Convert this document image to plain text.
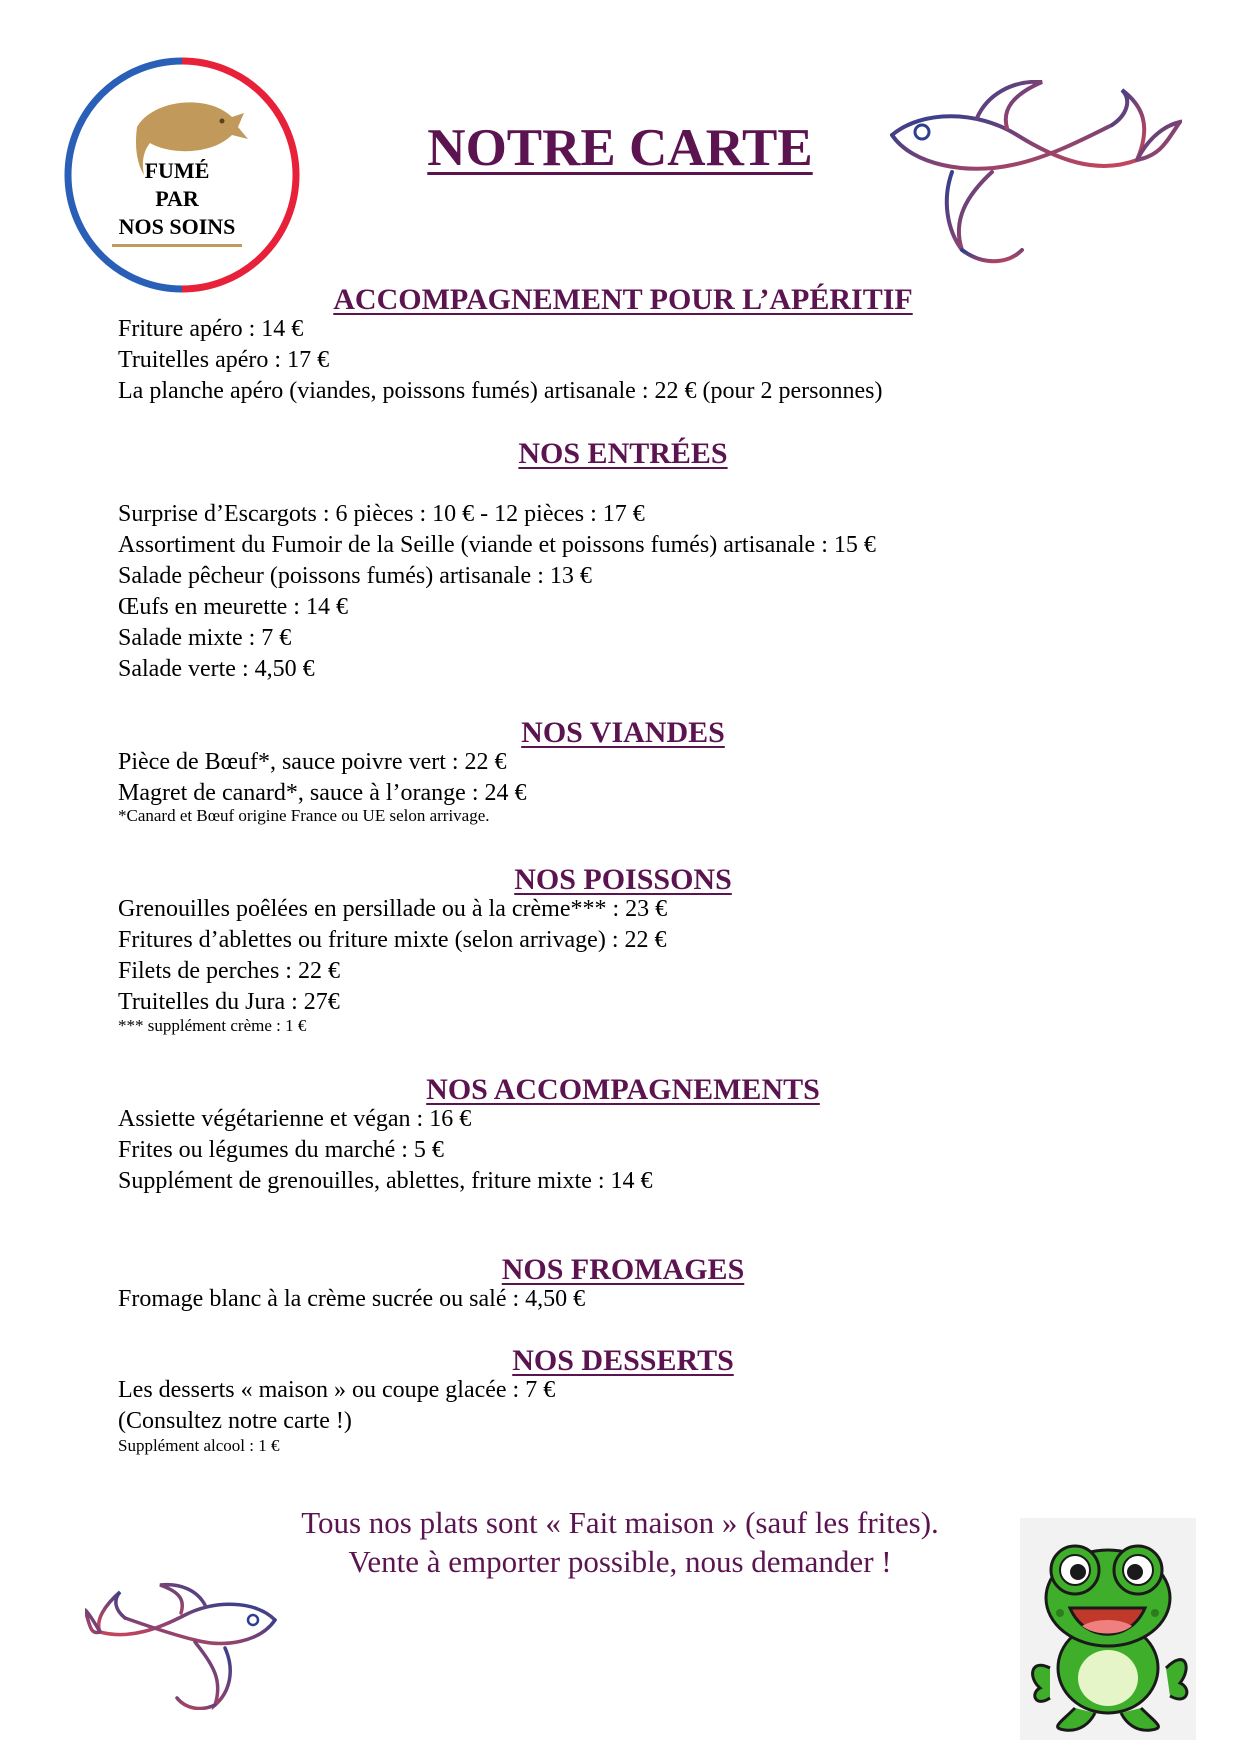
FUMÉ
PAR
NOS SOINS
NOTRE CARTE
ACCOMPAGNEMENT POUR L’APÉRITIF
Friture apéro : 14 €
Truitelles apéro : 17 €
La planche apéro (viandes, poissons fumés) artisanale : 22 € (pour 2 personnes)
NOS ENTRÉES
Surprise d’Escargots : 6 pièces : 10 € - 12 pièces : 17 €
Assortiment du Fumoir de la Seille (viande et poissons fumés) artisanale : 15 €
Salade pêcheur (poissons fumés) artisanale : 13 €
Œufs en meurette : 14 €
Salade mixte : 7 €
Salade verte : 4,50 €
NOS VIANDES
Pièce de Bœuf*, sauce poivre vert : 22 €
Magret de canard*, sauce à l’orange : 24 €
*Canard et Bœuf origine France ou UE selon arrivage.
NOS POISSONS
Grenouilles poêlées en persillade ou à la crème*** : 23 €
Fritures d’ablettes ou friture mixte (selon arrivage) : 22 €
Filets de perches : 22 €
Truitelles du Jura : 27€
*** supplément crème : 1 €
NOS ACCOMPAGNEMENTS
Assiette végétarienne et végan : 16 €
Frites ou légumes du marché : 5 €
Supplément de grenouilles, ablettes, friture mixte : 14 €
NOS FROMAGES
Fromage blanc à la crème sucrée ou salé : 4,50 €
NOS DESSERTS
Les desserts « maison » ou coupe glacée : 7 €
(Consultez notre carte !)
Supplément alcool : 1 €
Tous nos plats sont « Fait maison » (sauf les frites).
Vente à emporter possible, nous demander !
